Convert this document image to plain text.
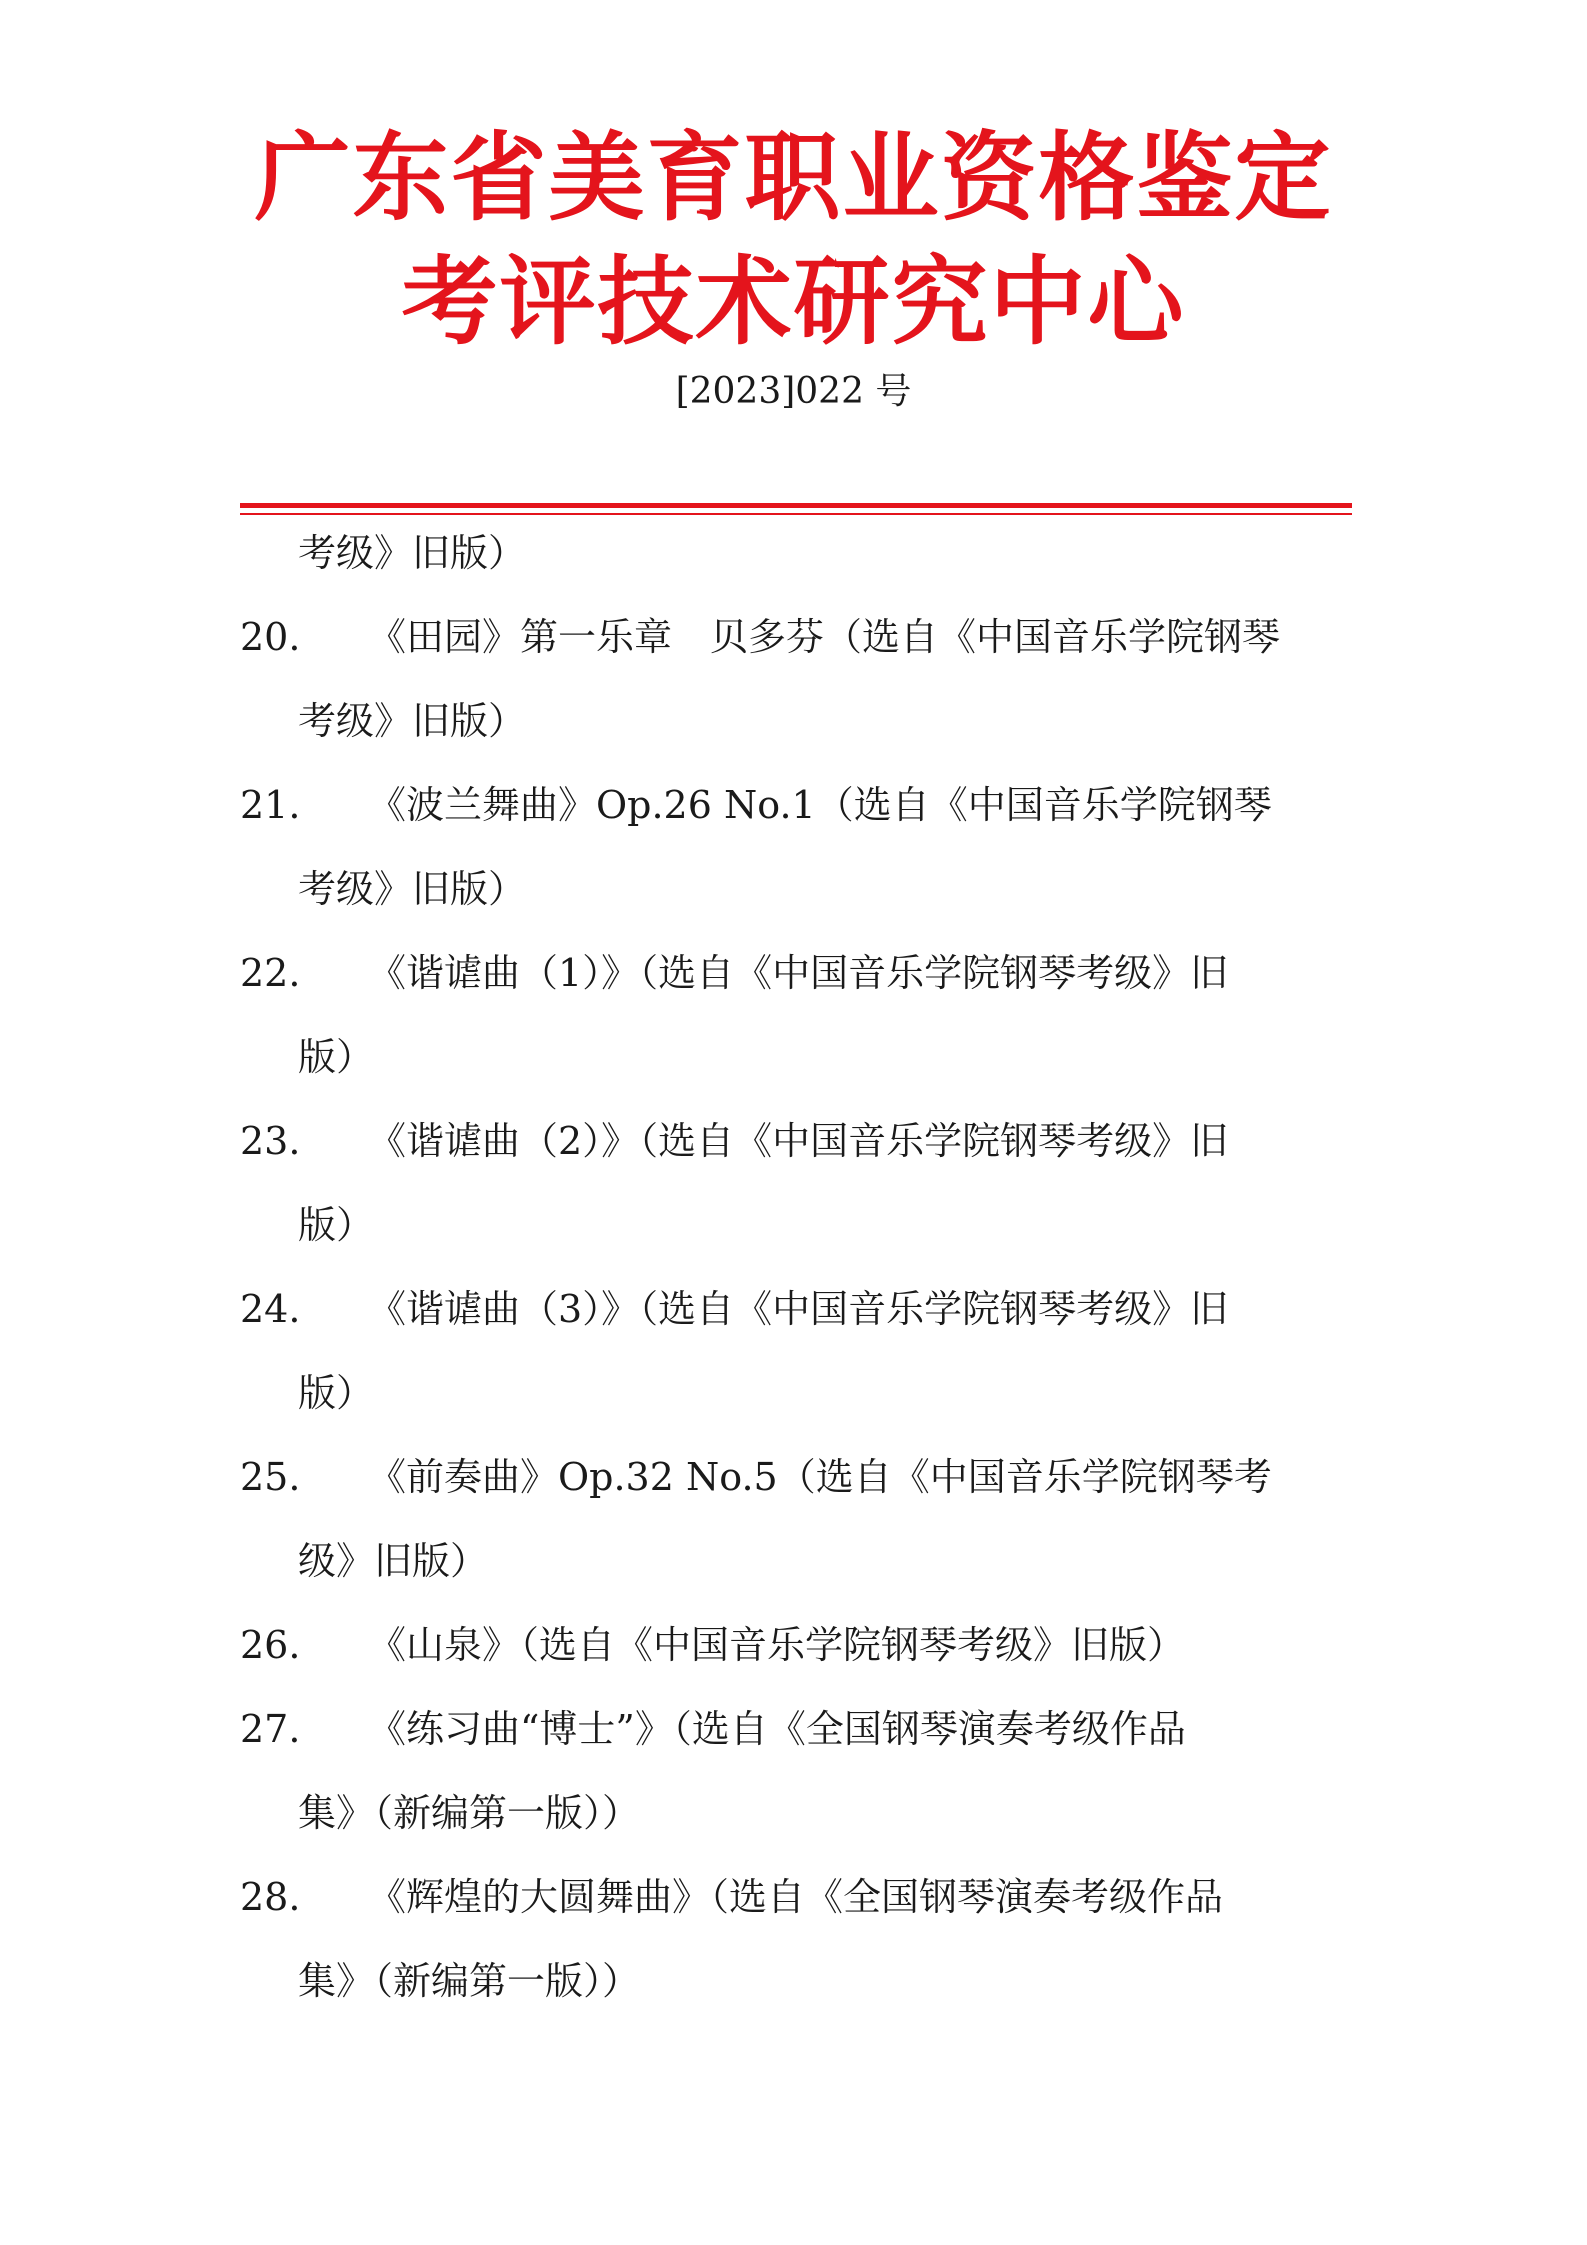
广东省美育职业资格鉴定
考评技术研究中心
[2023]022 号
考级》旧版）
20. 《田园》第一乐章　贝多芬（选自《中国音乐学院钢琴
考级》旧版）
21. 《波兰舞曲》Op.26 No.1（选自《中国音乐学院钢琴
考级》旧版）
22. 《谐谑曲（1）》（选自《中国音乐学院钢琴考级》旧
版）
23. 《谐谑曲（2）》（选自《中国音乐学院钢琴考级》旧
版）
24. 《谐谑曲（3）》（选自《中国音乐学院钢琴考级》旧
版）
25. 《前奏曲》Op.32 No.5（选自《中国音乐学院钢琴考
级》旧版）
26. 《山泉》（选自《中国音乐学院钢琴考级》旧版）
27. 《练习曲“博士”》（选自《全国钢琴演奏考级作品
集》（新编第一版））
28. 《辉煌的大圆舞曲》（选自《全国钢琴演奏考级作品
集》（新编第一版））
